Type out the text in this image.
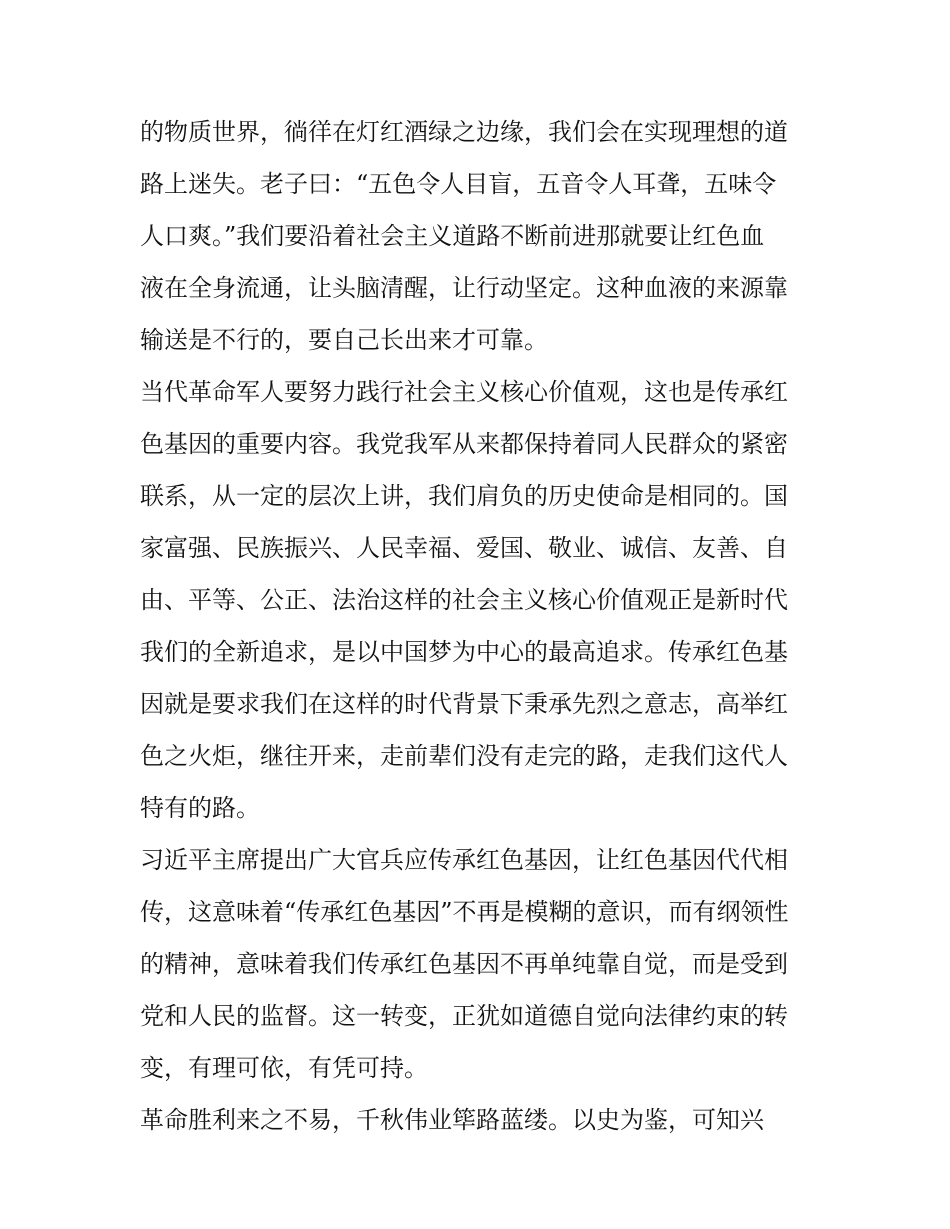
的物质世界，徜徉在灯红酒绿之边缘，我们会在实现理想的道
路上迷失。老子曰：“五色令人目盲，五音令人耳聋，五味令
人口爽。”我们要沿着社会主义道路不断前进那就要让红色血
液在全身流通，让头脑清醒，让行动坚定。这种血液的来源靠
输送是不行的，要自己长出来才可靠。
当代革命军人要努力践行社会主义核心价值观，这也是传承红
色基因的重要内容。我党我军从来都保持着同人民群众的紧密
联系，从一定的层次上讲，我们肩负的历史使命是相同的。国
家富强、民族振兴、人民幸福、爱国、敬业、诚信、友善、自
由、平等、公正、法治这样的社会主义核心价值观正是新时代
我们的全新追求，是以中国梦为中心的最高追求。传承红色基
因就是要求我们在这样的时代背景下秉承先烈之意志，高举红
色之火炬，继往开来，走前辈们没有走完的路，走我们这代人
特有的路。
习近平主席提出广大官兵应传承红色基因，让红色基因代代相
传，这意味着“传承红色基因”不再是模糊的意识，而有纲领性
的精神，意味着我们传承红色基因不再单纯靠自觉，而是受到
党和人民的监督。这一转变，正犹如道德自觉向法律约束的转
变，有理可依，有凭可持。
革命胜利来之不易，千秋伟业筚路蓝缕。以史为鉴，可知兴
